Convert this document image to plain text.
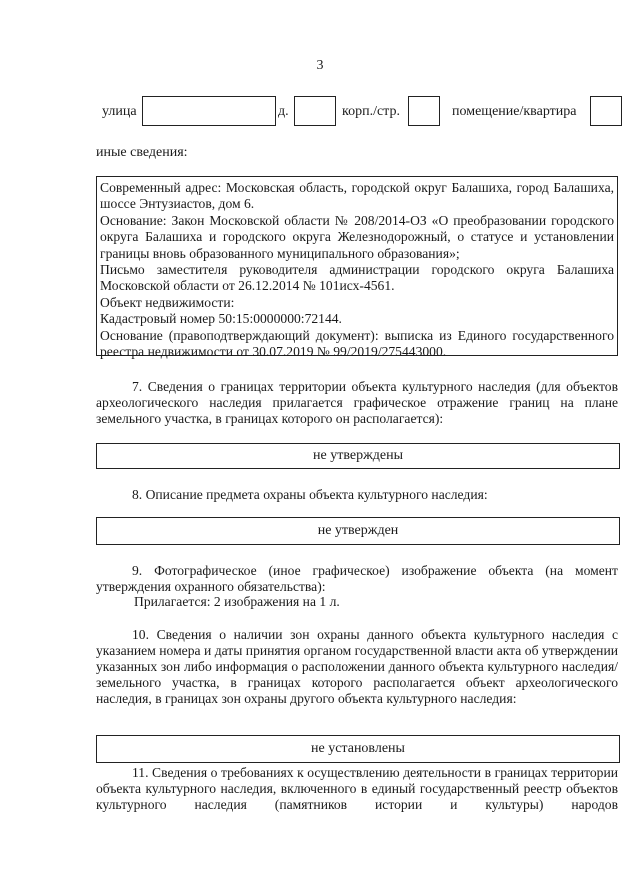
3
улица	д.	корп./стр.	помещение/квартира
иные сведения:
Современный адрес: Московская область, городской округ Балашиха, город Балашиха, шоссе Энтузиастов, дом 6.
Основание: Закон Московской области № 208/2014-ОЗ «О преобразовании городского округа Балашиха и городского округа Железнодорожный, о статусе и установлении границы вновь образованного муниципального образования»;
Письмо заместителя руководителя администрации городского округа Балашиха Московской области от 26.12.2014 № 101исх-4561.
Объект недвижимости:
Кадастровый номер 50:15:0000000:72144.
Основание (правоподтверждающий документ): выписка из Единого государственного реестра недвижимости от 30.07.2019 № 99/2019/275443000.

7. Сведения о границах территории объекта культурного наследия (для объектов археологического наследия прилагается графическое отражение границ на плане земельного участка, в границах которого он располагается):

не утверждены

8. Описание предмета охраны объекта культурного наследия:

не утвержден

9. Фотографическое (иное графическое) изображение объекта (на момент утверждения охранного обязательства):

Прилагается: 2 изображения на 1 л.

10. Сведения о наличии зон охраны данного объекта культурного наследия с указанием номера и даты принятия органом государственной власти акта об утверждении указанных зон либо информация о расположении данного объекта культурного наследия/земельного участка, в границах которого располагается объект археологического наследия, в границах зон охраны другого объекта культурного наследия:

не установлены

11. Сведения о требованиях к осуществлению деятельности в границах территории объекта культурного наследия, включенного в единый государственный реестр объектов культурного наследия (памятников истории и культуры) народов
